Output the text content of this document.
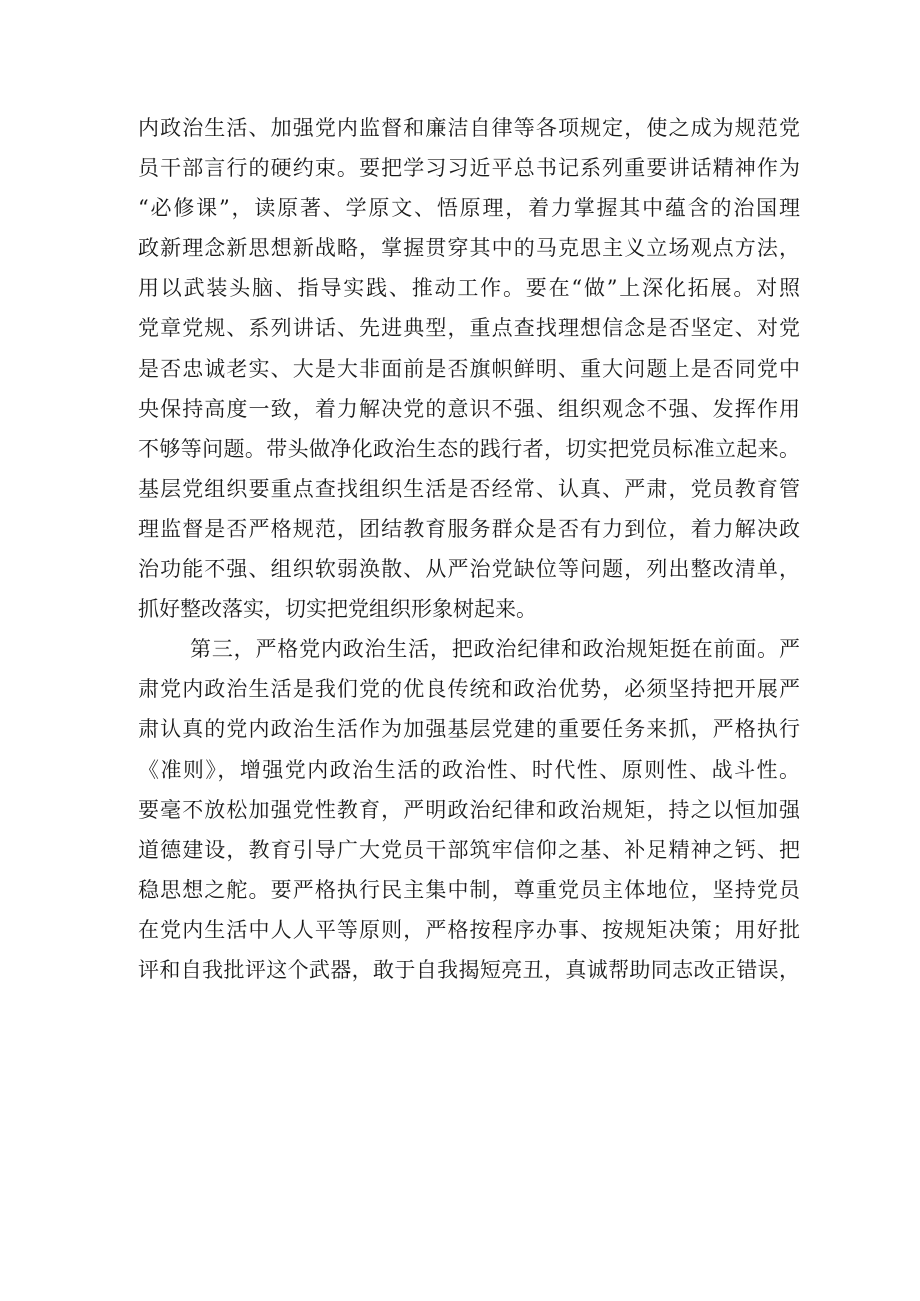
内政治生活、加强党内监督和廉洁自律等各项规定，使之成为规范党
员干部言行的硬约束。要把学习习近平总书记系列重要讲话精神作为
“必修课”，读原著、学原文、悟原理，着力掌握其中蕴含的治国理
政新理念新思想新战略，掌握贯穿其中的马克思主义立场观点方法，
用以武装头脑、指导实践、推动工作。要在“做”上深化拓展。对照
党章党规、系列讲话、先进典型，重点查找理想信念是否坚定、对党
是否忠诚老实、大是大非面前是否旗帜鲜明、重大问题上是否同党中
央保持高度一致，着力解决党的意识不强、组织观念不强、发挥作用
不够等问题。带头做净化政治生态的践行者，切实把党员标准立起来。
基层党组织要重点查找组织生活是否经常、认真、严肃，党员教育管
理监督是否严格规范，团结教育服务群众是否有力到位，着力解决政
治功能不强、组织软弱涣散、从严治党缺位等问题，列出整改清单，
抓好整改落实，切实把党组织形象树起来。
第三，严格党内政治生活，把政治纪律和政治规矩挺在前面。严
肃党内政治生活是我们党的优良传统和政治优势，必须坚持把开展严
肃认真的党内政治生活作为加强基层党建的重要任务来抓，严格执行
《准则》，增强党内政治生活的政治性、时代性、原则性、战斗性。
要毫不放松加强党性教育，严明政治纪律和政治规矩，持之以恒加强
道德建设，教育引导广大党员干部筑牢信仰之基、补足精神之钙、把
稳思想之舵。要严格执行民主集中制，尊重党员主体地位，坚持党员
在党内生活中人人平等原则，严格按程序办事、按规矩决策；用好批
评和自我批评这个武器，敢于自我揭短亮丑，真诚帮助同志改正错误，
